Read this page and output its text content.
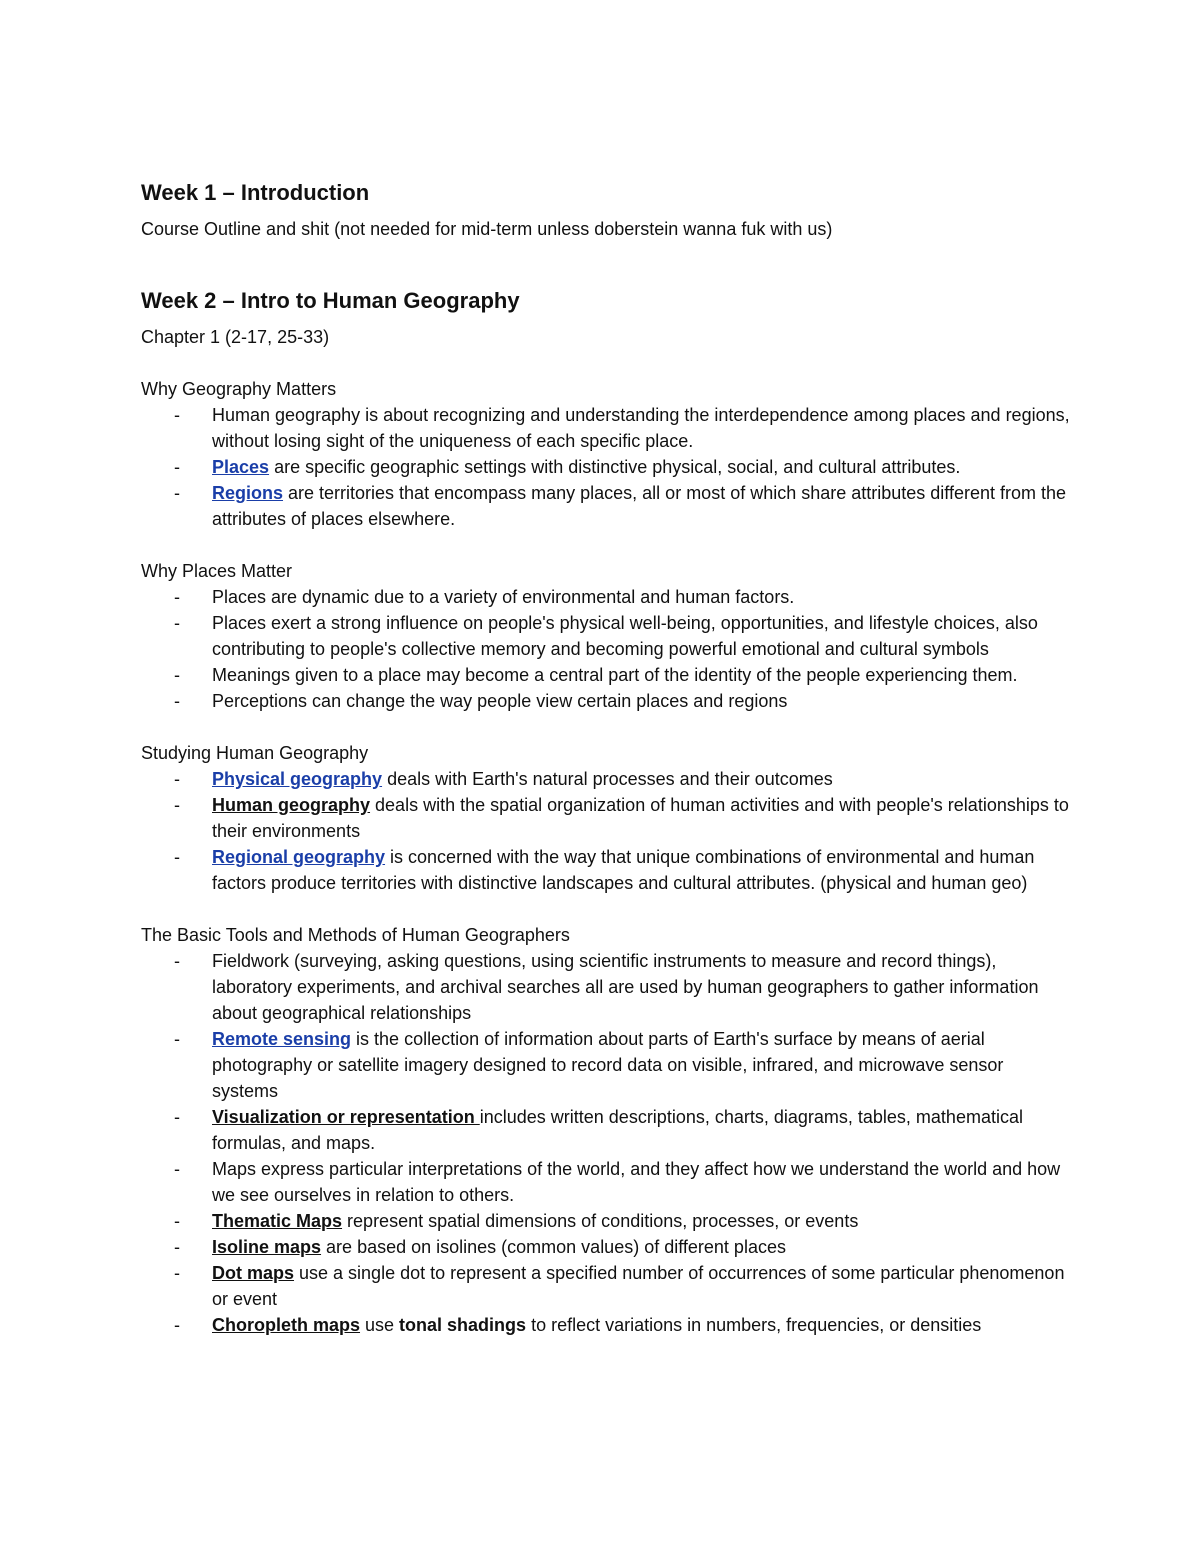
Week 1 – Introduction

Course Outline and shit (not needed for mid-term unless doberstein wanna fuk with us)

Week 2 – Intro to Human Geography

Chapter 1 (2-17, 25-33)

Why Geography Matters

- Human geography is about recognizing and understanding the interdependence among places and regions, without losing sight of the uniqueness of each specific place.
- Places are specific geographic settings with distinctive physical, social, and cultural attributes.
- Regions are territories that encompass many places, all or most of which share attributes different from the attributes of places elsewhere.

Why Places Matter

- Places are dynamic due to a variety of environmental and human factors.
- Places exert a strong influence on people's physical well-being, opportunities, and lifestyle choices, also contributing to people's collective memory and becoming powerful emotional and cultural symbols
- Meanings given to a place may become a central part of the identity of the people experiencing them.
- Perceptions can change the way people view certain places and regions

Studying Human Geography

- Physical geography deals with Earth's natural processes and their outcomes
- Human geography deals with the spatial organization of human activities and with people's relationships to their environments
- Regional geography is concerned with the way that unique combinations of environmental and human factors produce territories with distinctive landscapes and cultural attributes. (physical and human geo)

The Basic Tools and Methods of Human Geographers

- Fieldwork (surveying, asking questions, using scientific instruments to measure and record things), laboratory experiments, and archival searches all are used by human geographers to gather information about geographical relationships
- Remote sensing is the collection of information about parts of Earth's surface by means of aerial photography or satellite imagery designed to record data on visible, infrared, and microwave sensor systems
- Visualization or representation includes written descriptions, charts, diagrams, tables, mathematical formulas, and maps.
- Maps express particular interpretations of the world, and they affect how we understand the world and how we see ourselves in relation to others.
- Thematic Maps represent spatial dimensions of conditions, processes, or events
- Isoline maps are based on isolines (common values) of different places
- Dot maps use a single dot to represent a specified number of occurrences of some particular phenomenon or event
- Choropleth maps use tonal shadings to reflect variations in numbers, frequencies, or densities
